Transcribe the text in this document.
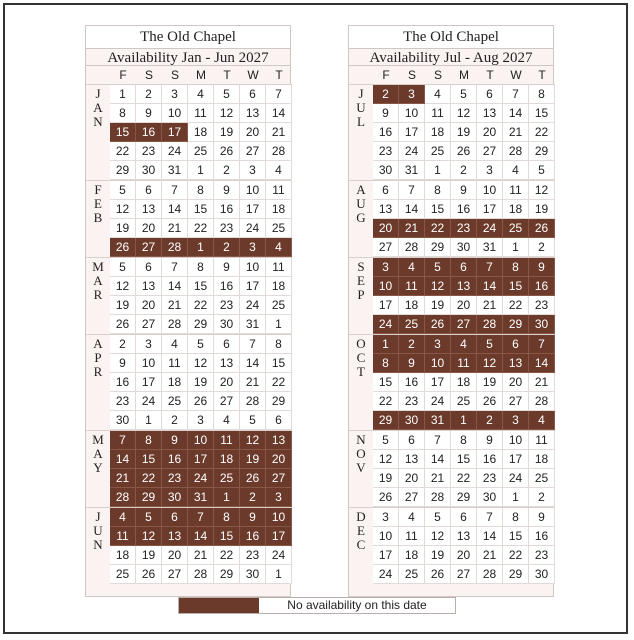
The Old Chapel
Availability Jan - Jun 2027
F	S	S	M	T	W	T
J
A
N
1	2	3	4	5	6	7
8	9	10	11	12	13	14
15	16	17	18	19	20	21
22	23	24	25	26	27	28
29	30	31	1	2	3	4
F
E
B
5	6	7	8	9	10	11
12	13	14	15	16	17	18
19	20	21	22	23	24	25
26	27	28	1	2	3	4
M
A
R
5	6	7	8	9	10	11
12	13	14	15	16	17	18
19	20	21	22	23	24	25
26	27	28	29	30	31	1
A
P
R
2	3	4	5	6	7	8
9	10	11	12	13	14	15
16	17	18	19	20	21	22
23	24	25	26	27	28	29
30	1	2	3	4	5	6
M
A
Y
7	8	9	10	11	12	13
14	15	16	17	18	19	20
21	22	23	24	25	26	27
28	29	30	31	1	2	3
J
U
N
4	5	6	7	8	9	10
11	12	13	14	15	16	17
18	19	20	21	22	23	24
25	26	27	28	29	30	1
The Old Chapel
Availability Jul - Aug 2027
F	S	S	M	T	W	T
J
U
L
2	3	4	5	6	7	8
9	10	11	12	13	14	15
16	17	18	19	20	21	22
23	24	25	26	27	28	29
30	31	1	2	3	4	5
A
U
G
6	7	8	9	10	11	12
13	14	15	16	17	18	19
20	21	22	23	24	25	26
27	28	29	30	31	1	2
S
E
P
3	4	5	6	7	8	9
10	11	12	13	14	15	16
17	18	19	20	21	22	23
24	25	26	27	28	29	30
O
C
T
1	2	3	4	5	6	7
8	9	10	11	12	13	14
15	16	17	18	19	20	21
22	23	24	25	26	27	28
29	30	31	1	2	3	4
N
O
V
5	6	7	8	9	10	11
12	13	14	15	16	17	18
19	20	21	22	23	24	25
26	27	28	29	30	1	2
D
E
C
3	4	5	6	7	8	9
10	11	12	13	14	15	16
17	18	19	20	21	22	23
24	25	26	27	28	29	30
No availability on this date
